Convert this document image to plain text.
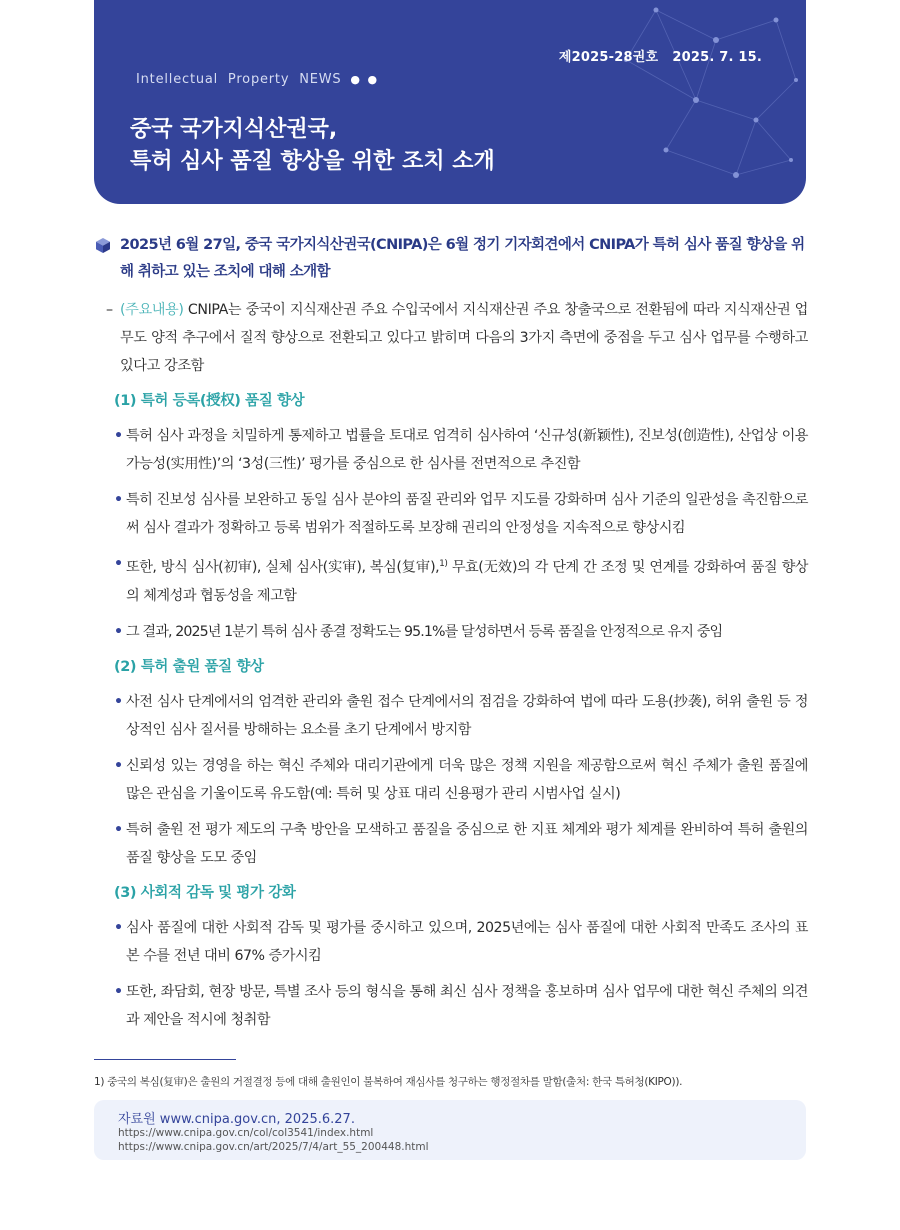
제2025-28권호   2025. 7. 15.
Intellectual  Property  NEWS ● ●
중국 국가지식산권국,
특허 심사 품질 향상을 위한 조치 소개
2025년 6월 27일, 중국 국가지식산권국(CNIPA)은 6월 정기 기자회견에서 CNIPA가 특허 심사 품질 향상을 위해 취하고 있는 조치에 대해 소개함
– (주요내용) CNIPA는 중국이 지식재산권 주요 수입국에서 지식재산권 주요 창출국으로 전환됨에 따라 지식재산권 업무도 양적 추구에서 질적 향상으로 전환되고 있다고 밝히며 다음의 3가지 측면에 중점을 두고 심사 업무를 수행하고 있다고 강조함
(1) 특허 등록(授权) 품질 향상
• 특허 심사 과정을 치밀하게 통제하고 법률을 토대로 엄격히 심사하여 ‘신규성(新颖性), 진보성(创造性), 산업상 이용가능성(实用性)’의 ‘3성(三性)’ 평가를 중심으로 한 심사를 전면적으로 추진함
• 특히 진보성 심사를 보완하고 동일 심사 분야의 품질 관리와 업무 지도를 강화하며 심사 기준의 일관성을 촉진함으로써 심사 결과가 정확하고 등록 범위가 적절하도록 보장해 권리의 안정성을 지속적으로 향상시킴
• 또한, 방식 심사(初审), 실체 심사(实审), 복심(复审),$^{1)}$ 무효(无效)의 각 단계 간 조정 및 연계를 강화하여 품질 향상의 체계성과 협동성을 제고함
• 그 결과, 2025년 1분기 특허 심사 종결 정확도는 95.1%를 달성하면서 등록 품질을 안정적으로 유지 중임
(2) 특허 출원 품질 향상
• 사전 심사 단계에서의 엄격한 관리와 출원 접수 단계에서의 점검을 강화하여 법에 따라 도용(抄袭), 허위 출원 등 정상적인 심사 질서를 방해하는 요소를 초기 단계에서 방지함
• 신뢰성 있는 경영을 하는 혁신 주체와 대리기관에게 더욱 많은 정책 지원을 제공함으로써 혁신 주체가 출원 품질에 많은 관심을 기울이도록 유도함(예: 특허 및 상표 대리 신용평가 관리 시범사업 실시)
• 특허 출원 전 평가 제도의 구축 방안을 모색하고 품질을 중심으로 한 지표 체계와 평가 체계를 완비하여 특허 출원의 품질 향상을 도모 중임
(3) 사회적 감독 및 평가 강화
• 심사 품질에 대한 사회적 감독 및 평가를 중시하고 있으며, 2025년에는 심사 품질에 대한 사회적 만족도 조사의 표본 수를 전년 대비 67% 증가시킴
• 또한, 좌담회, 현장 방문, 특별 조사 등의 형식을 통해 최신 심사 정책을 홍보하며 심사 업무에 대한 혁신 주체의 의견과 제안을 적시에 청취함
1) 중국의 복심(复审)은 출원의 거절결정 등에 대해 출원인이 불복하여 재심사를 청구하는 행정절차를 말함(출처: 한국 특허청(KIPO)).
자료원 www.cnipa.gov.cn, 2025.6.27.
https://www.cnipa.gov.cn/col/col3541/index.html
https://www.cnipa.gov.cn/art/2025/7/4/art_55_200448.html
